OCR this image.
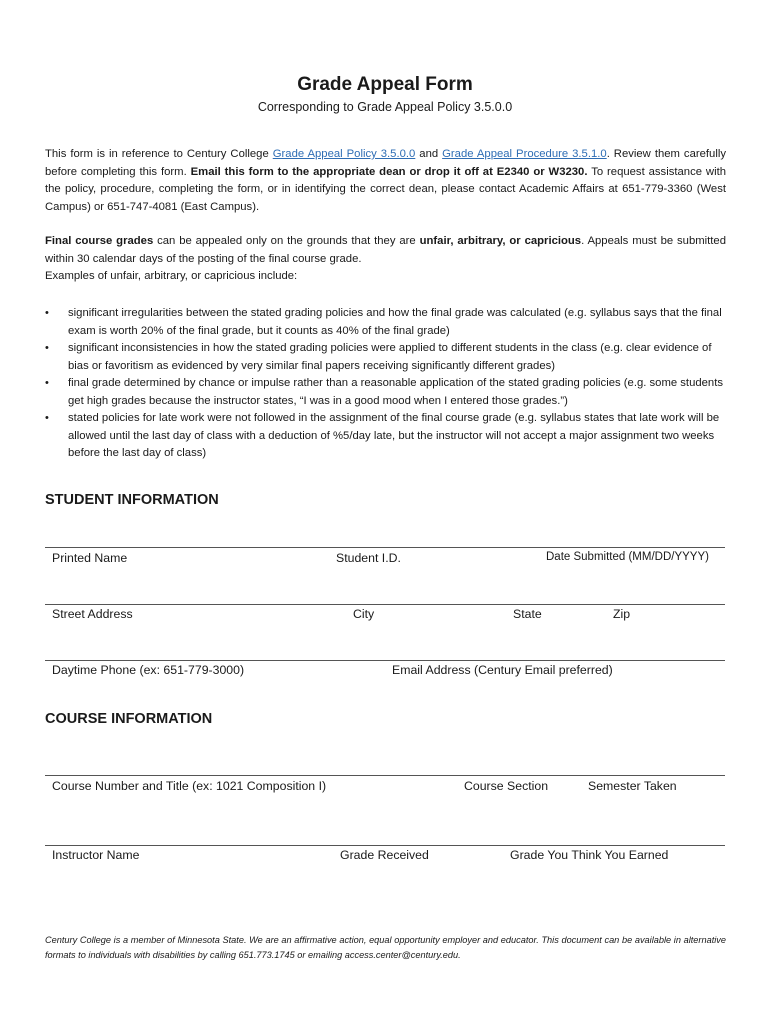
Grade Appeal Form
Corresponding to Grade Appeal Policy 3.5.0.0
This form is in reference to Century College Grade Appeal Policy 3.5.0.0 and Grade Appeal Procedure 3.5.1.0. Review them carefully before completing this form. Email this form to the appropriate dean or drop it off at E2340 or W3230. To request assistance with the policy, procedure, completing the form, or in identifying the correct dean, please contact Academic Affairs at 651-779-3360 (West Campus) or 651-747-4081 (East Campus).
Final course grades can be appealed only on the grounds that they are unfair, arbitrary, or capricious. Appeals must be submitted within 30 calendar days of the posting of the final course grade.
Examples of unfair, arbitrary, or capricious include:
• significant irregularities between the stated grading policies and how the final grade was calculated (e.g. syllabus says that the final exam is worth 20% of the final grade, but it counts as 40% of the final grade)
• significant inconsistencies in how the stated grading policies were applied to different students in the class (e.g. clear evidence of bias or favoritism as evidenced by very similar final papers receiving significantly different grades)
• final grade determined by chance or impulse rather than a reasonable application of the stated grading policies (e.g. some students get high grades because the instructor states, “I was in a good mood when I entered those grades.”)
• stated policies for late work were not followed in the assignment of the final course grade (e.g. syllabus states that late work will be allowed until the last day of class with a deduction of %5/day late, but the instructor will not accept a major assignment two weeks before the last day of class)
STUDENT INFORMATION
Printed Name	Student I.D.	Date Submitted (MM/DD/YYYY)
Street Address	City	State	Zip
Daytime Phone (ex: 651-779-3000)	Email Address (Century Email preferred)
COURSE INFORMATION
Course Number and Title (ex: 1021 Composition I)	Course Section	Semester Taken
Instructor Name	Grade Received	Grade You Think You Earned
Century College is a member of Minnesota State. We are an affirmative action, equal opportunity employer and educator. This document can be available in alternative formats to individuals with disabilities by calling 651.773.1745 or emailing access.center@century.edu.
